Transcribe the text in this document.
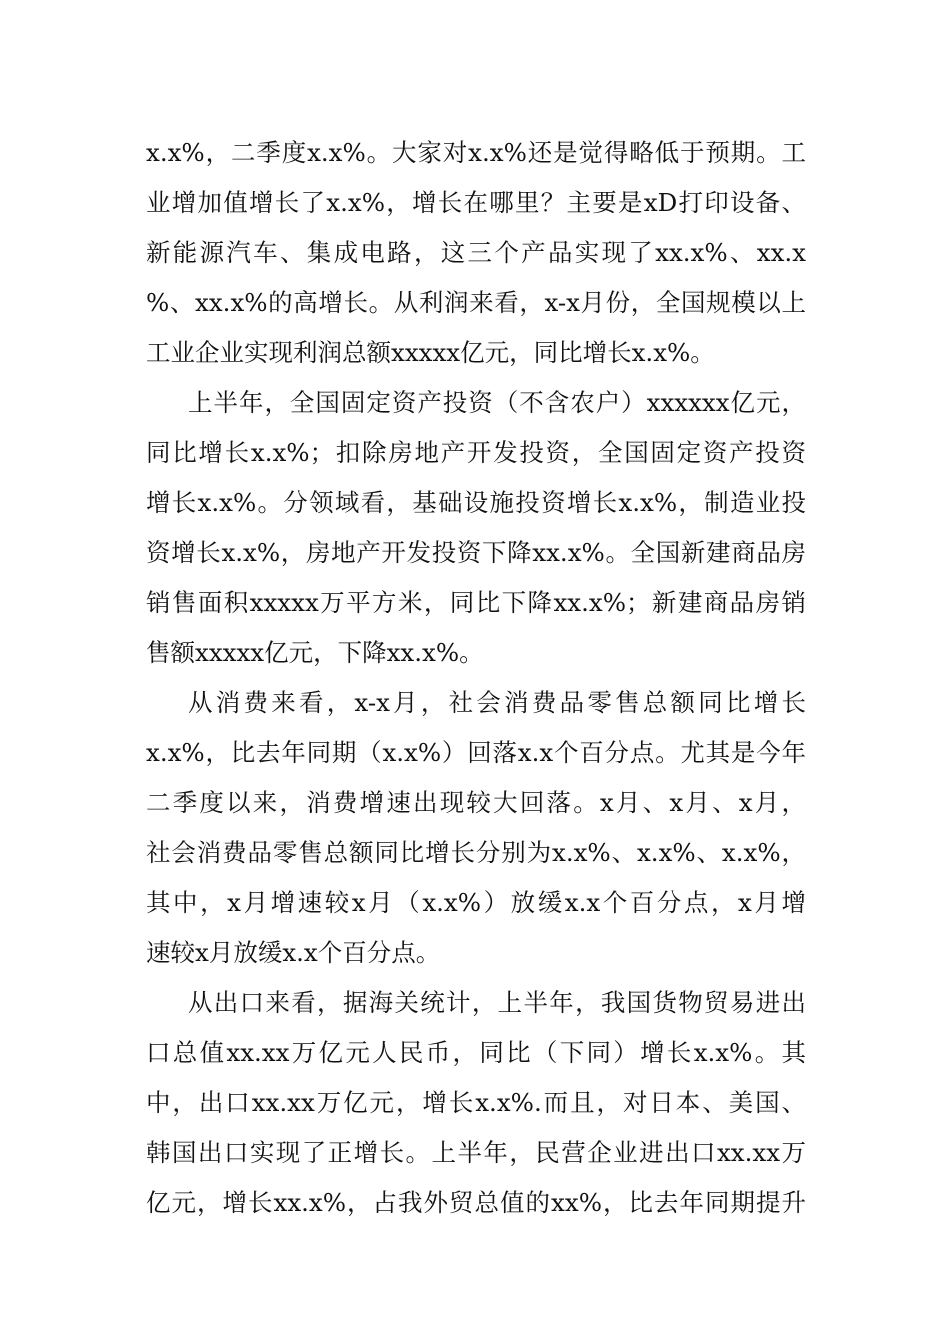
x.x%，二季度x.x%。大家对x.x%还是觉得略低于预期。工
业增加值增长了x.x%，增长在哪里？主要是xD打印设备、
新能源汽车、集成电路，这三个产品实现了xx.x%、xx.x
%、xx.x%的高增长。从利润来看，x-x月份，全国规模以上
工业企业实现利润总额xxxxx亿元，同比增长x.x%。
上半年，全国固定资产投资（不含农户）xxxxxx亿元，
同比增长x.x%；扣除房地产开发投资，全国固定资产投资
增长x.x%。分领域看，基础设施投资增长x.x%，制造业投
资增长x.x%，房地产开发投资下降xx.x%。全国新建商品房
销售面积xxxxx万平方米，同比下降xx.x%；新建商品房销
售额xxxxx亿元，下降xx.x%。
从消费来看，x-x月，社会消费品零售总额同比增长
x.x%，比去年同期（x.x%）回落x.x个百分点。尤其是今年
二季度以来，消费增速出现较大回落。x月、x月、x月，
社会消费品零售总额同比增长分别为x.x%、x.x%、x.x%，
其中，x月增速较x月（x.x%）放缓x.x个百分点，x月增
速较x月放缓x.x个百分点。
从出口来看，据海关统计，上半年，我国货物贸易进出
口总值xx.xx万亿元人民币，同比（下同）增长x.x%。其
中，出口xx.xx万亿元，增长x.x%.而且，对日本、美国、
韩国出口实现了正增长。上半年，民营企业进出口xx.xx万
亿元，增长xx.x%，占我外贸总值的xx%，比去年同期提升
